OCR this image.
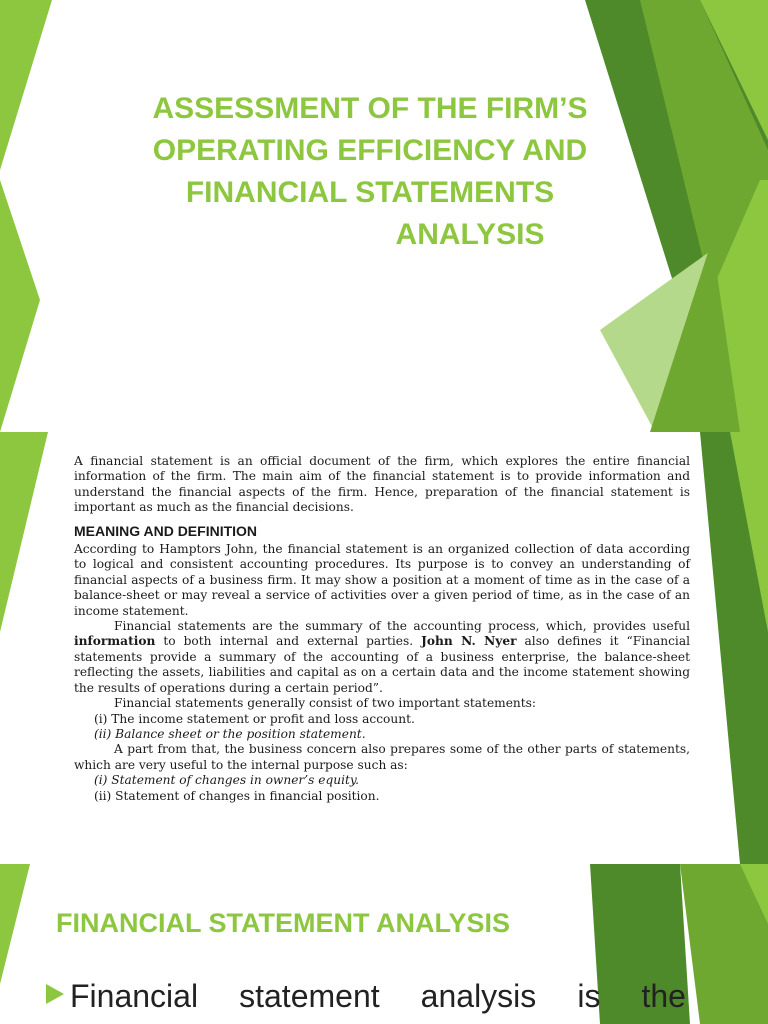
ASSESSMENT OF THE FIRM’S
OPERATING EFFICIENCY AND
FINANCIAL STATEMENTS
ANALYSIS

A financial statement is an official document of the firm, which explores the entire financial information of the firm. The main aim of the financial statement is to provide information and understand the financial aspects of the firm. Hence, preparation of the financial statement is important as much as the financial decisions.

MEANING AND DEFINITION

According to Hamptors John, the financial statement is an organized collection of data according to logical and consistent accounting procedures. Its purpose is to convey an understanding of financial aspects of a business firm. It may show a position at a moment of time as in the case of a balance-sheet or may reveal a service of activities over a given period of time, as in the case of an income statement.

Financial statements are the summary of the accounting process, which, provides useful information to both internal and external parties. John N. Nyer also defines it “Financial statements provide a summary of the accounting of a business enterprise, the balance-sheet reflecting the assets, liabilities and capital as on a certain data and the income statement showing the results of operations during a certain period”.

Financial statements generally consist of two important statements:

(i) The income statement or profit and loss account.

(ii) Balance sheet or the position statement.

A part from that, the business concern also prepares some of the other parts of statements, which are very useful to the internal purpose such as:

(i) Statement of changes in owner’s equity.

(ii) Statement of changes in financial position.

FINANCIAL STATEMENT ANALYSIS
Financial statement analysis is the
